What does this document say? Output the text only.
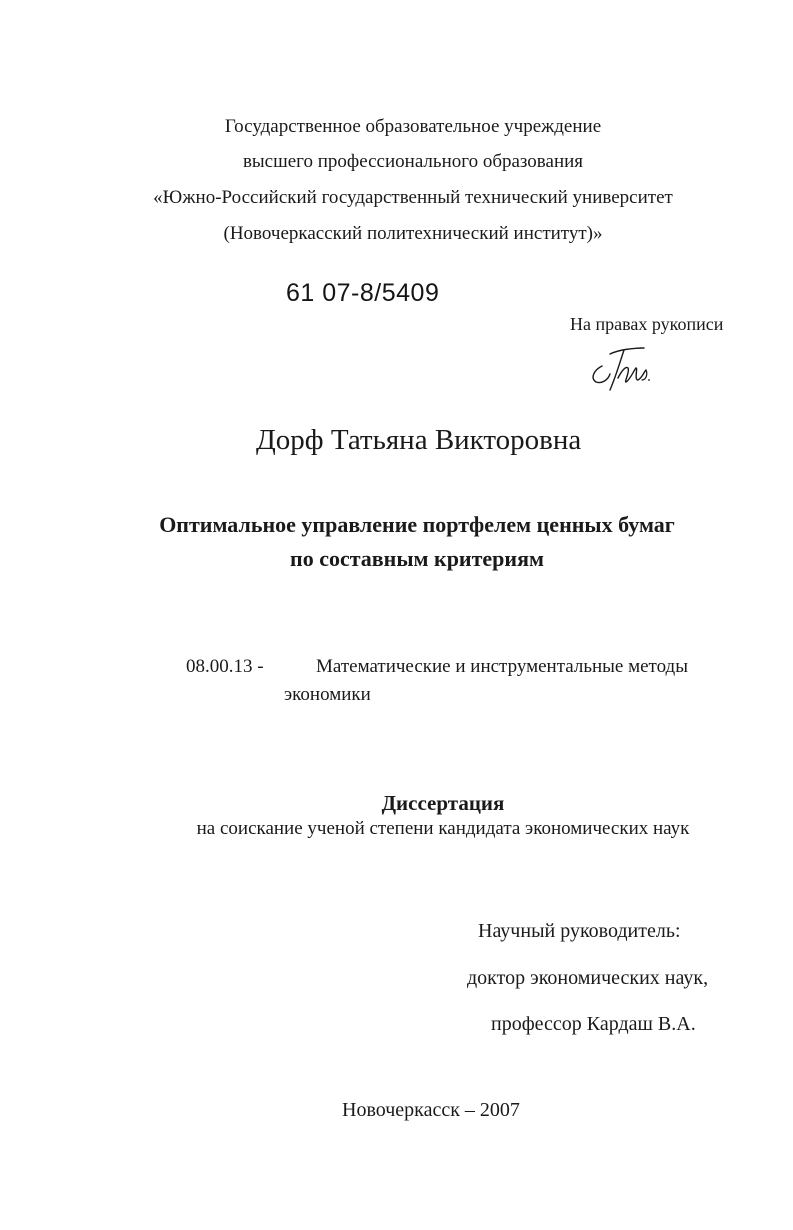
Государственное образовательное учреждение
высшего профессионального образования
«Южно-Российский государственный технический университет
(Новочеркасский политехнический институт)»
61 07-8/5409
На правах рукописи
Дорф Татьяна Викторовна
Оптимальное управление портфелем ценных бумаг
по составным критериям
08.00.13 -	Математические и инструментальные методы
экономики
Диссертация
на соискание ученой степени кандидата экономических наук
Научный руководитель:
доктор экономических наук,
профессор Кардаш В.А.
Новочеркасск – 2007
